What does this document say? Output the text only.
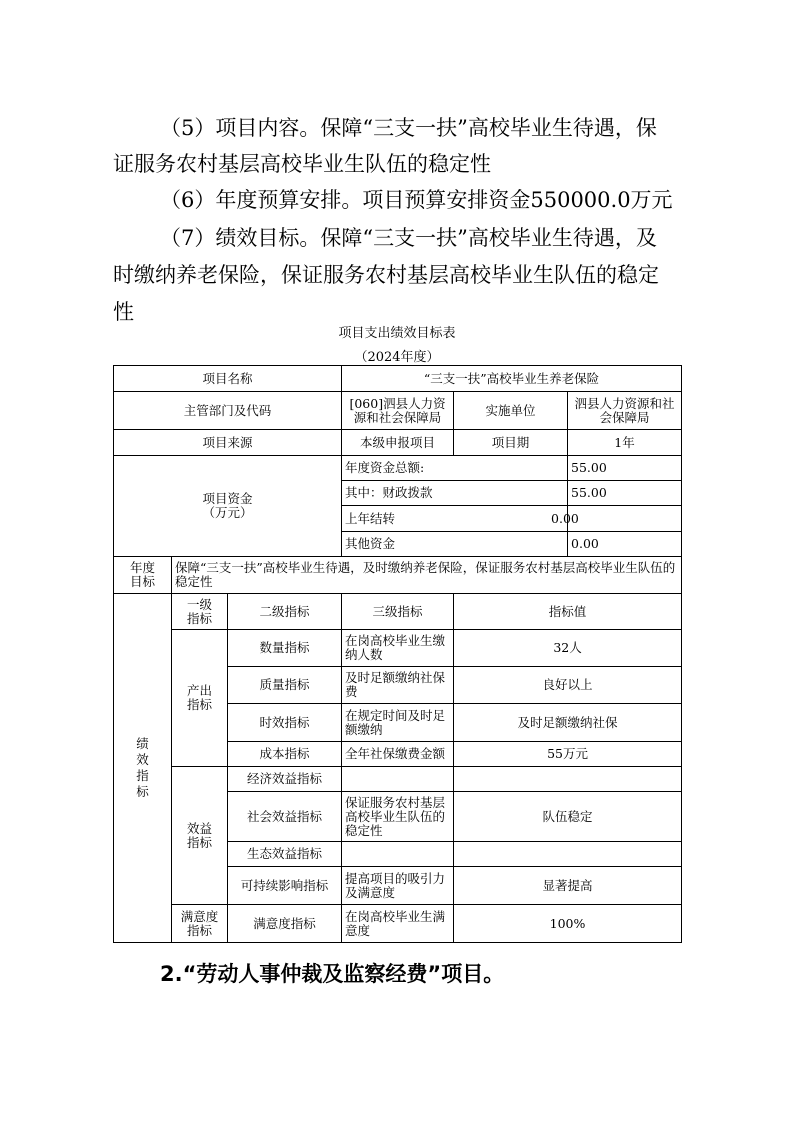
（5）项目内容。保障“三支一扶”高校毕业生待遇，保
证服务农村基层高校毕业生队伍的稳定性
（6）年度预算安排。项目预算安排资金550000.0万元
（7）绩效目标。保障“三支一扶”高校毕业生待遇，及
时缴纳养老保险，保证服务农村基层高校毕业生队伍的稳定
性
项目支出绩效目标表
（2024年度）
项目名称			“三支一扶”高校毕业生养老保险		
主管部门及代码			[060]泗县人力资源和社会保障局	实施单位	泗县人力资源和社会保障局
项目来源			本级申报项目	项目期	1年
项目资金（万元）			年度资金总额:		55.00
			其中：财政拨款		55.00
			上年结转		0.00
			其他资金		0.00
年度目标	保障“三支一扶”高校毕业生待遇，及时缴纳养老保险，保证服务农村基层高校毕业生队伍的稳定性				
绩效指标	一级指标	二级指标	三级指标	指标值	
	产出指标	数量指标	在岗高校毕业生缴纳人数	32人	
		质量指标	及时足额缴纳社保费	良好以上	
		时效指标	在规定时间及时足额缴纳	及时足额缴纳社保	
		成本指标	全年社保缴费金额	55万元	
	效益指标	经济效益指标			
		社会效益指标	保证服务农村基层高校毕业生队伍的稳定性	队伍稳定	
		生态效益指标			
		可持续影响指标	提高项目的吸引力及满意度	显著提高	
	满意度指标	满意度指标	在岗高校毕业生满意度	100%	
2.“劳动人事仲裁及监察经费”项目。
